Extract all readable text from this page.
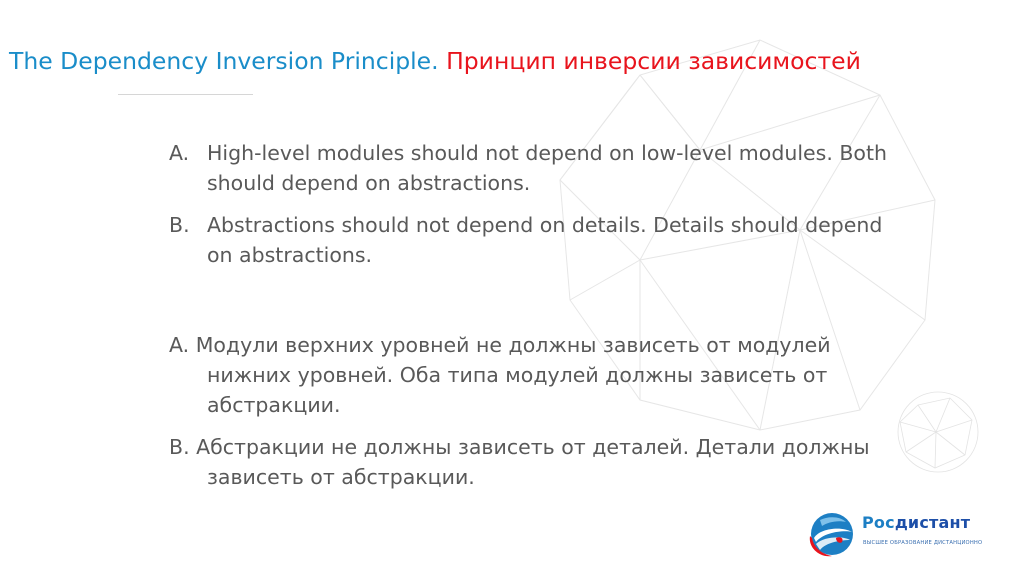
The Dependency Inversion Principle. Принцип инверсии зависимостей
A. High-level modules should not depend on low-level modules. Both should depend on abstractions.
B. Abstractions should not depend on details. Details should depend on abstractions.
A. Модули верхних уровней не должны зависеть от модулей нижних уровней. Оба типа модулей должны зависеть от абстракции.
B. Абстракции не должны зависеть от деталей. Детали должны зависеть от абстракции.
Росдистант
ВЫСШЕЕ ОБРАЗОВАНИЕ ДИСТАНЦИОННО
